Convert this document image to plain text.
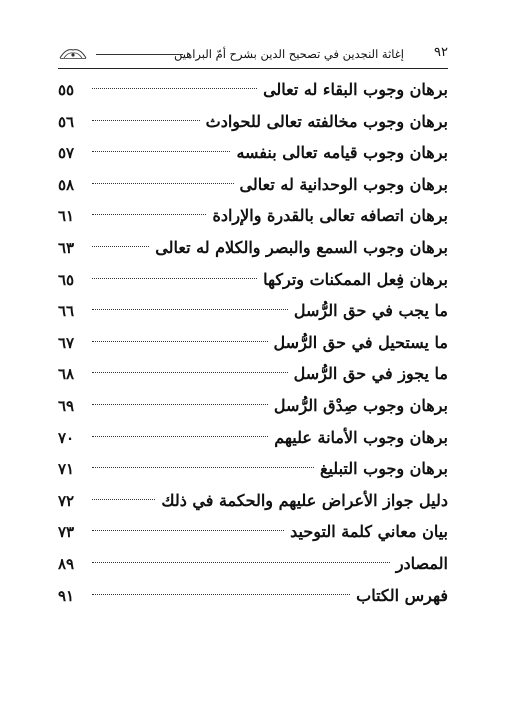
٩٢
إغاثة النجدين في تصحيح الدين بشرح أمّ البراهين
برهان وجوب البقاء له تعالى
٥٥
برهان وجوب مخالفته تعالى للحوادث
٥٦
برهان وجوب قيامه تعالى بنفسه
٥٧
برهان وجوب الوحدانية له تعالى
٥٨
برهان اتصافه تعالى بالقدرة والإرادة
٦١
برهان وجوب السمع والبصر والكلام له تعالى
٦٣
برهان فِعل الممكنات وتركها
٦٥
ما يجب في حق الرُّسل
٦٦
ما يستحيل في حق الرُّسل
٦٧
ما يجوز في حق الرُّسل
٦٨
برهان وجوب صِدْق الرُّسل
٦٩
برهان وجوب الأمانة عليهم
٧٠
برهان وجوب التبليغ
٧١
دليل جواز الأعراض عليهم والحكمة في ذلك
٧٢
بيان معاني كلمة التوحيد
٧٣
المصادر
٨٩
فهرس الكتاب
٩١
